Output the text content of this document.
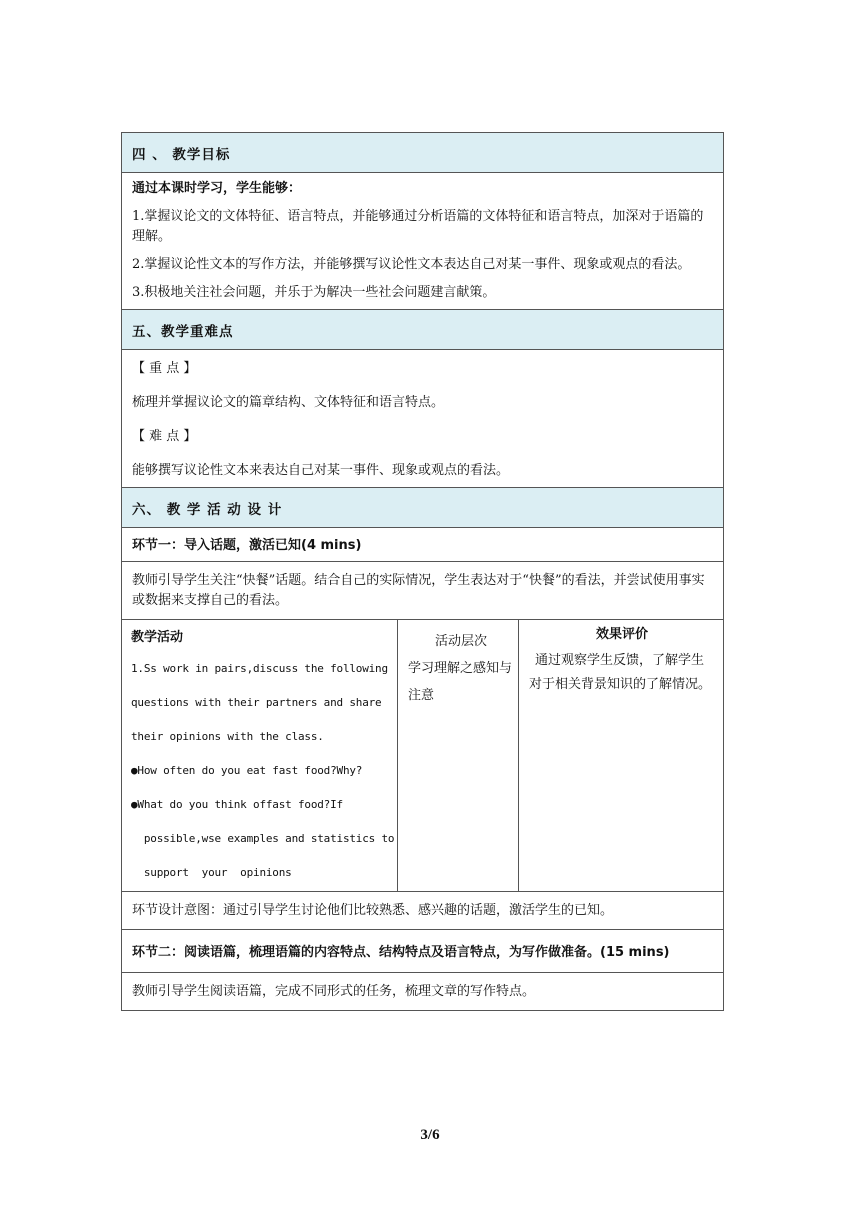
四 、 教学目标
通过本课时学习，学生能够：
1.掌握议论文的文体特征、语言特点，并能够通过分析语篇的文体特征和语言特点，加深对于语篇的理解。
2.掌握议论性文本的写作方法，并能够撰写议论性文本表达自己对某一事件、现象或观点的看法。
3.积极地关注社会问题，并乐于为解决一些社会问题建言献策。
五、教学重难点
【 重 点 】
梳理并掌握议论文的篇章结构、文体特征和语言特点。
【 难 点 】
能够撰写议论性文本来表达自己对某一事件、现象或观点的看法。
六、 教 学 活 动 设 计
环节一：导入话题，激活已知(4 mins)
教师引导学生关注“快餐”话题。结合自己的实际情况，学生表达对于“快餐”的看法，并尝试使用事实或数据来支撑自己的看法。
教学活动
1.Ss work in pairs,discuss the following
questions with their partners and share
their opinions with the class.
●How often do you eat fast food?Why?
●What do you think offast food?If
possible,wse examples and statistics to
support  your  opinions
活动层次
学习理解之感知与注意
效果评价
通过观察学生反馈，了解学生对于相关背景知识的了解情况。
环节设计意图：通过引导学生讨论他们比较熟悉、感兴趣的话题，激活学生的已知。
环节二：阅读语篇，梳理语篇的内容特点、结构特点及语言特点，为写作做准备。(15 mins)
教师引导学生阅读语篇，完成不同形式的任务，梳理文章的写作特点。
3/6
